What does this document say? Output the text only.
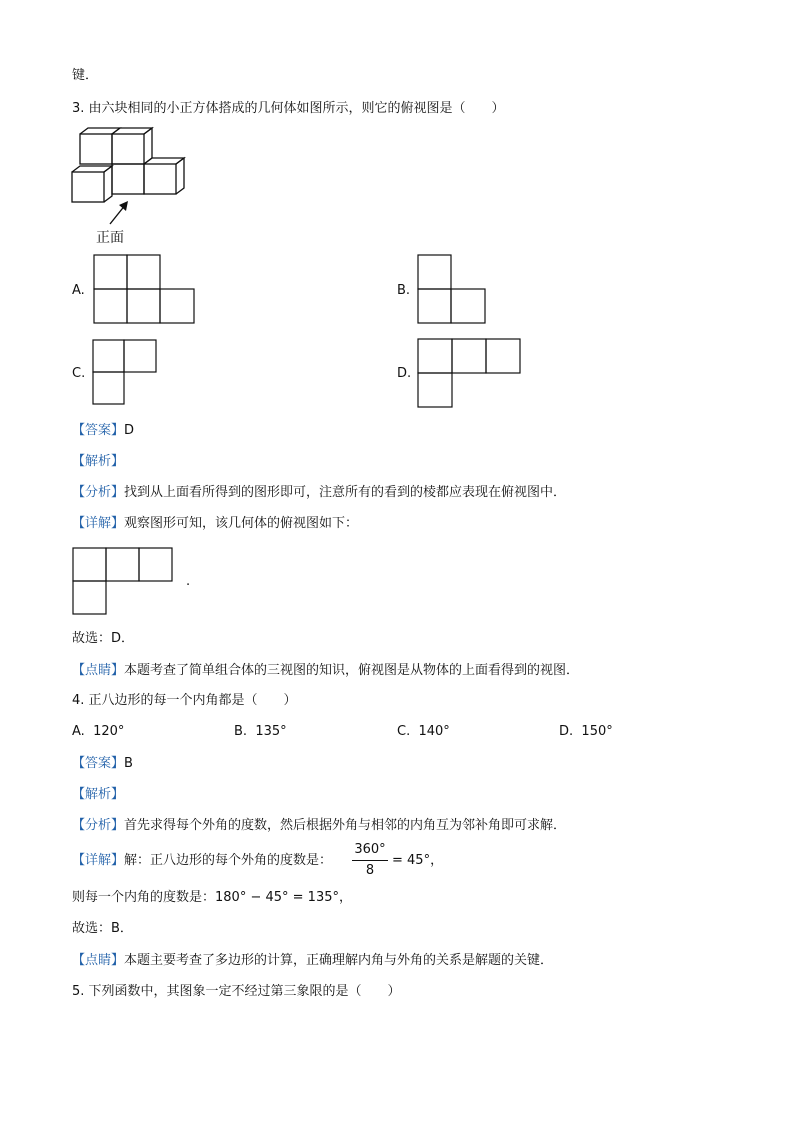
键．
3. 由六块相同的小正方体搭成的几何体如图所示，则它的俯视图是（　　）
正面
A.	B.
C.	D.
【答案】D
【解析】
【分析】找到从上面看所得到的图形即可，注意所有的看到的棱都应表现在俯视图中．
【详解】观察图形可知，该几何体的俯视图如下：
.
故选：D．
【点睛】本题考查了简单组合体的三视图的知识，俯视图是从物体的上面看得到的视图．
4. 正八边形的每一个内角都是（　　）
A. 120°	B. 135°	C. 140°	D. 150°
【答案】B
【解析】
【分析】首先求得每个外角的度数，然后根据外角与相邻的内角互为邻补角即可求解．
【详解】解：正八边形的每个外角的度数是：
360°
8
= 45°，
则每一个内角的度数是：180° − 45° = 135°，
故选：B．
【点睛】本题主要考查了多边形的计算，正确理解内角与外角的关系是解题的关键．
5. 下列函数中，其图象一定不经过第三象限的是（　　）
